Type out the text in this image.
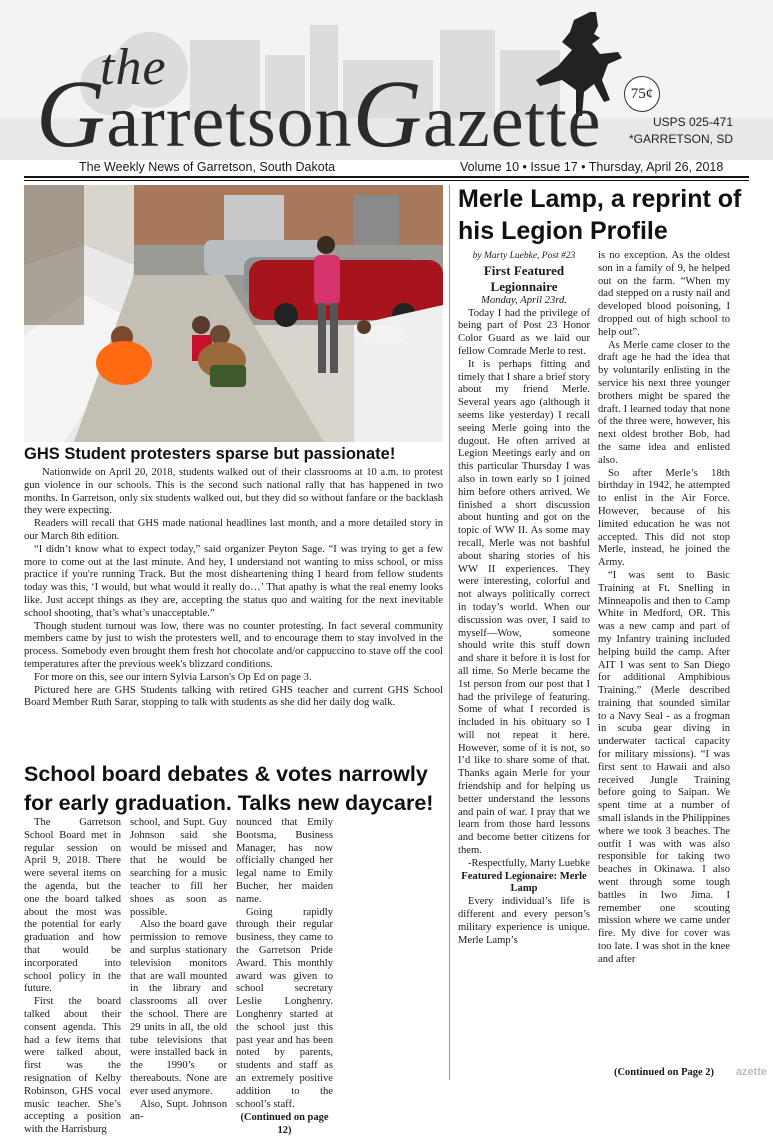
the
GarretsonGazette	75¢
USPS 025-471
*GARRETSON, SD
The Weekly News of Garretson, South Dakota	Volume 10 • Issue 17 • Thursday, April 26, 2018
GHS Student protesters sparse but passionate!

Nationwide on April 20, 2018, students walked out of their classrooms at 10 a.m. to protest gun violence in our schools. This is the second such national rally that has happened in two months. In Garretson, only six students walked out, but they did so without fanfare or the backlash they were expecting.

Readers will recall that GHS made national headlines last month, and a more detailed story in our March 8th edition.

“I didn’t know what to expect today,” said organizer Peyton Sage. “I was trying to get a few more to come out at the last minute. And hey, I understand not wanting to miss school, or miss practice if you're running Track. But the most disheartening thing I heard from fellow students today was this, ‘I would, but what would it really do…’ That apathy is what the real enemy looks like. Just accept things as they are, accepting the status quo and waiting for the next inevitable school shooting, that’s what’s unacceptable.”

Though student turnout was low, there was no counter protesting. In fact several community members came by just to wish the protesters well, and to encourage them to stay involved in the process. Somebody even brought them fresh hot chocolate and/or cappuccino to stave off the cool temperatures after the previous week's blizzard conditions.

For more on this, see our intern Sylvia Larson's Op Ed on page 3.

Pictured here are GHS Students talking with retired GHS teacher and current GHS School Board Member Ruth Sarar, stopping to talk with students as she did her daily dog walk.

School board debates & votes narrowly for early graduation. Talks new daycare!

The Garretson School Board met in regular session on April 9, 2018. There were several items on the agenda, but the one the board talked about the most was the potential for early graduation and how that would be incorporated into school policy in the future.

First the board talked about their consent agenda. This had a few items that were talked about, first was the resignation of Kelby Robinson, GHS vocal music teacher. She’s accepting a position with the Harrisburg

school, and Supt. Guy Johnson said she would be missed and that he would be searching for a music teacher to fill her shoes as soon as possible.

Also the board gave permission to remove and surplus stationary television monitors that are wall mounted in the library and classrooms all over the school. There are 29 units in all, the old tube televisions that were installed back in the 1990’s or thereabouts. None are ever used anymore.

Also, Supt. Johnson an-

nounced that Emily Bootsma, Business Manager, has now officially changed her legal name to Emily Bucher, her maiden name.

Going rapidly through their regular business, they came to the Garretson Pride Award. This monthly award was given to school secretary Leslie Longhenry. Longhenry started at the school just this past year and has been noted by parents, students and staff as an extremely positive addition to the school’s staff.

(Continued on page 12)
Merle Lamp, a reprint of his Legion Profile
by Marty Luebke, Post #23
First Featured Legionnaire
Monday, April 23rd.

Today I had the privilege of being part of Post 23 Honor Color Guard as we laid our fellow Comrade Merle to rest.

It is perhaps fitting and timely that I share a brief story about my friend Merle. Several years ago (although it seems like yesterday) I recall seeing Merle going into the dugout. He often arrived at Legion Meetings early and on this particular Thursday I was also in town early so I joined him before others arrived. We finished a short discussion about hunting and got on the topic of WW II. As some may recall, Merle was not bashful about sharing stories of his WW II experiences. They were interesting, colorful and not always politically correct in today’s world. When our discussion was over, I said to myself—Wow, someone should write this stuff down and share it before it is lost for all time. So Merle became the 1st person from our post that I had the privilege of featuring. Some of what I recorded is included in his obituary so I will not repeat it here. However, some of it is not, so I’d like to share some of that. Thanks again Merle for your friendship and for helping us better understand the lessons and pain of war. I pray that we learn from those hard lessons and become better citizens for them.

-Respectfully, Marty Luebke
Featured Legionaire: Merle Lamp

Every individual’s life is different and every person’s military experience is unique. Merle Lamp’s

is no exception. As the oldest son in a family of 9, he helped out on the farm. “When my dad stepped on a rusty nail and developed blood poisoning, I dropped out of high school to help out”.

As Merle came closer to the draft age he had the idea that by voluntarily enlisting in the service his next three younger brothers might be spared the draft. I learned today that none of the three were, however, his next oldest brother Bob, had the same idea and enlisted also.

So after Merle’s 18th birthday in 1942, he attempted to enlist in the Air Force. However, because of his limited education he was not accepted. This did not stop Merle, instead, he joined the Army.

“I was sent to Basic Training at Ft. Snelling in Minneapolis and then to Camp White in Medford, OR. This was a new camp and part of my Infantry training included helping build the camp. After AIT I was sent to San Diego for additional Amphibious Training.” (Merle described training that sounded similar to a Navy Seal - as a frogman in scuba gear diving in underwater tactical capacity for military missions). “I was first sent to Hawaii and also received Jungle Training before going to Saipan. We spent time at a number of small islands in the Philippines where we took 3 beaches. The outfit I was with was also responsible for taking two beaches in Okinawa. I also went through some tough battles in Iwo Jima. I remember one scouting mission where we came under fire. My dive for cover was too late. I was shot in the knee and after

(Continued on Page 2)	azette
